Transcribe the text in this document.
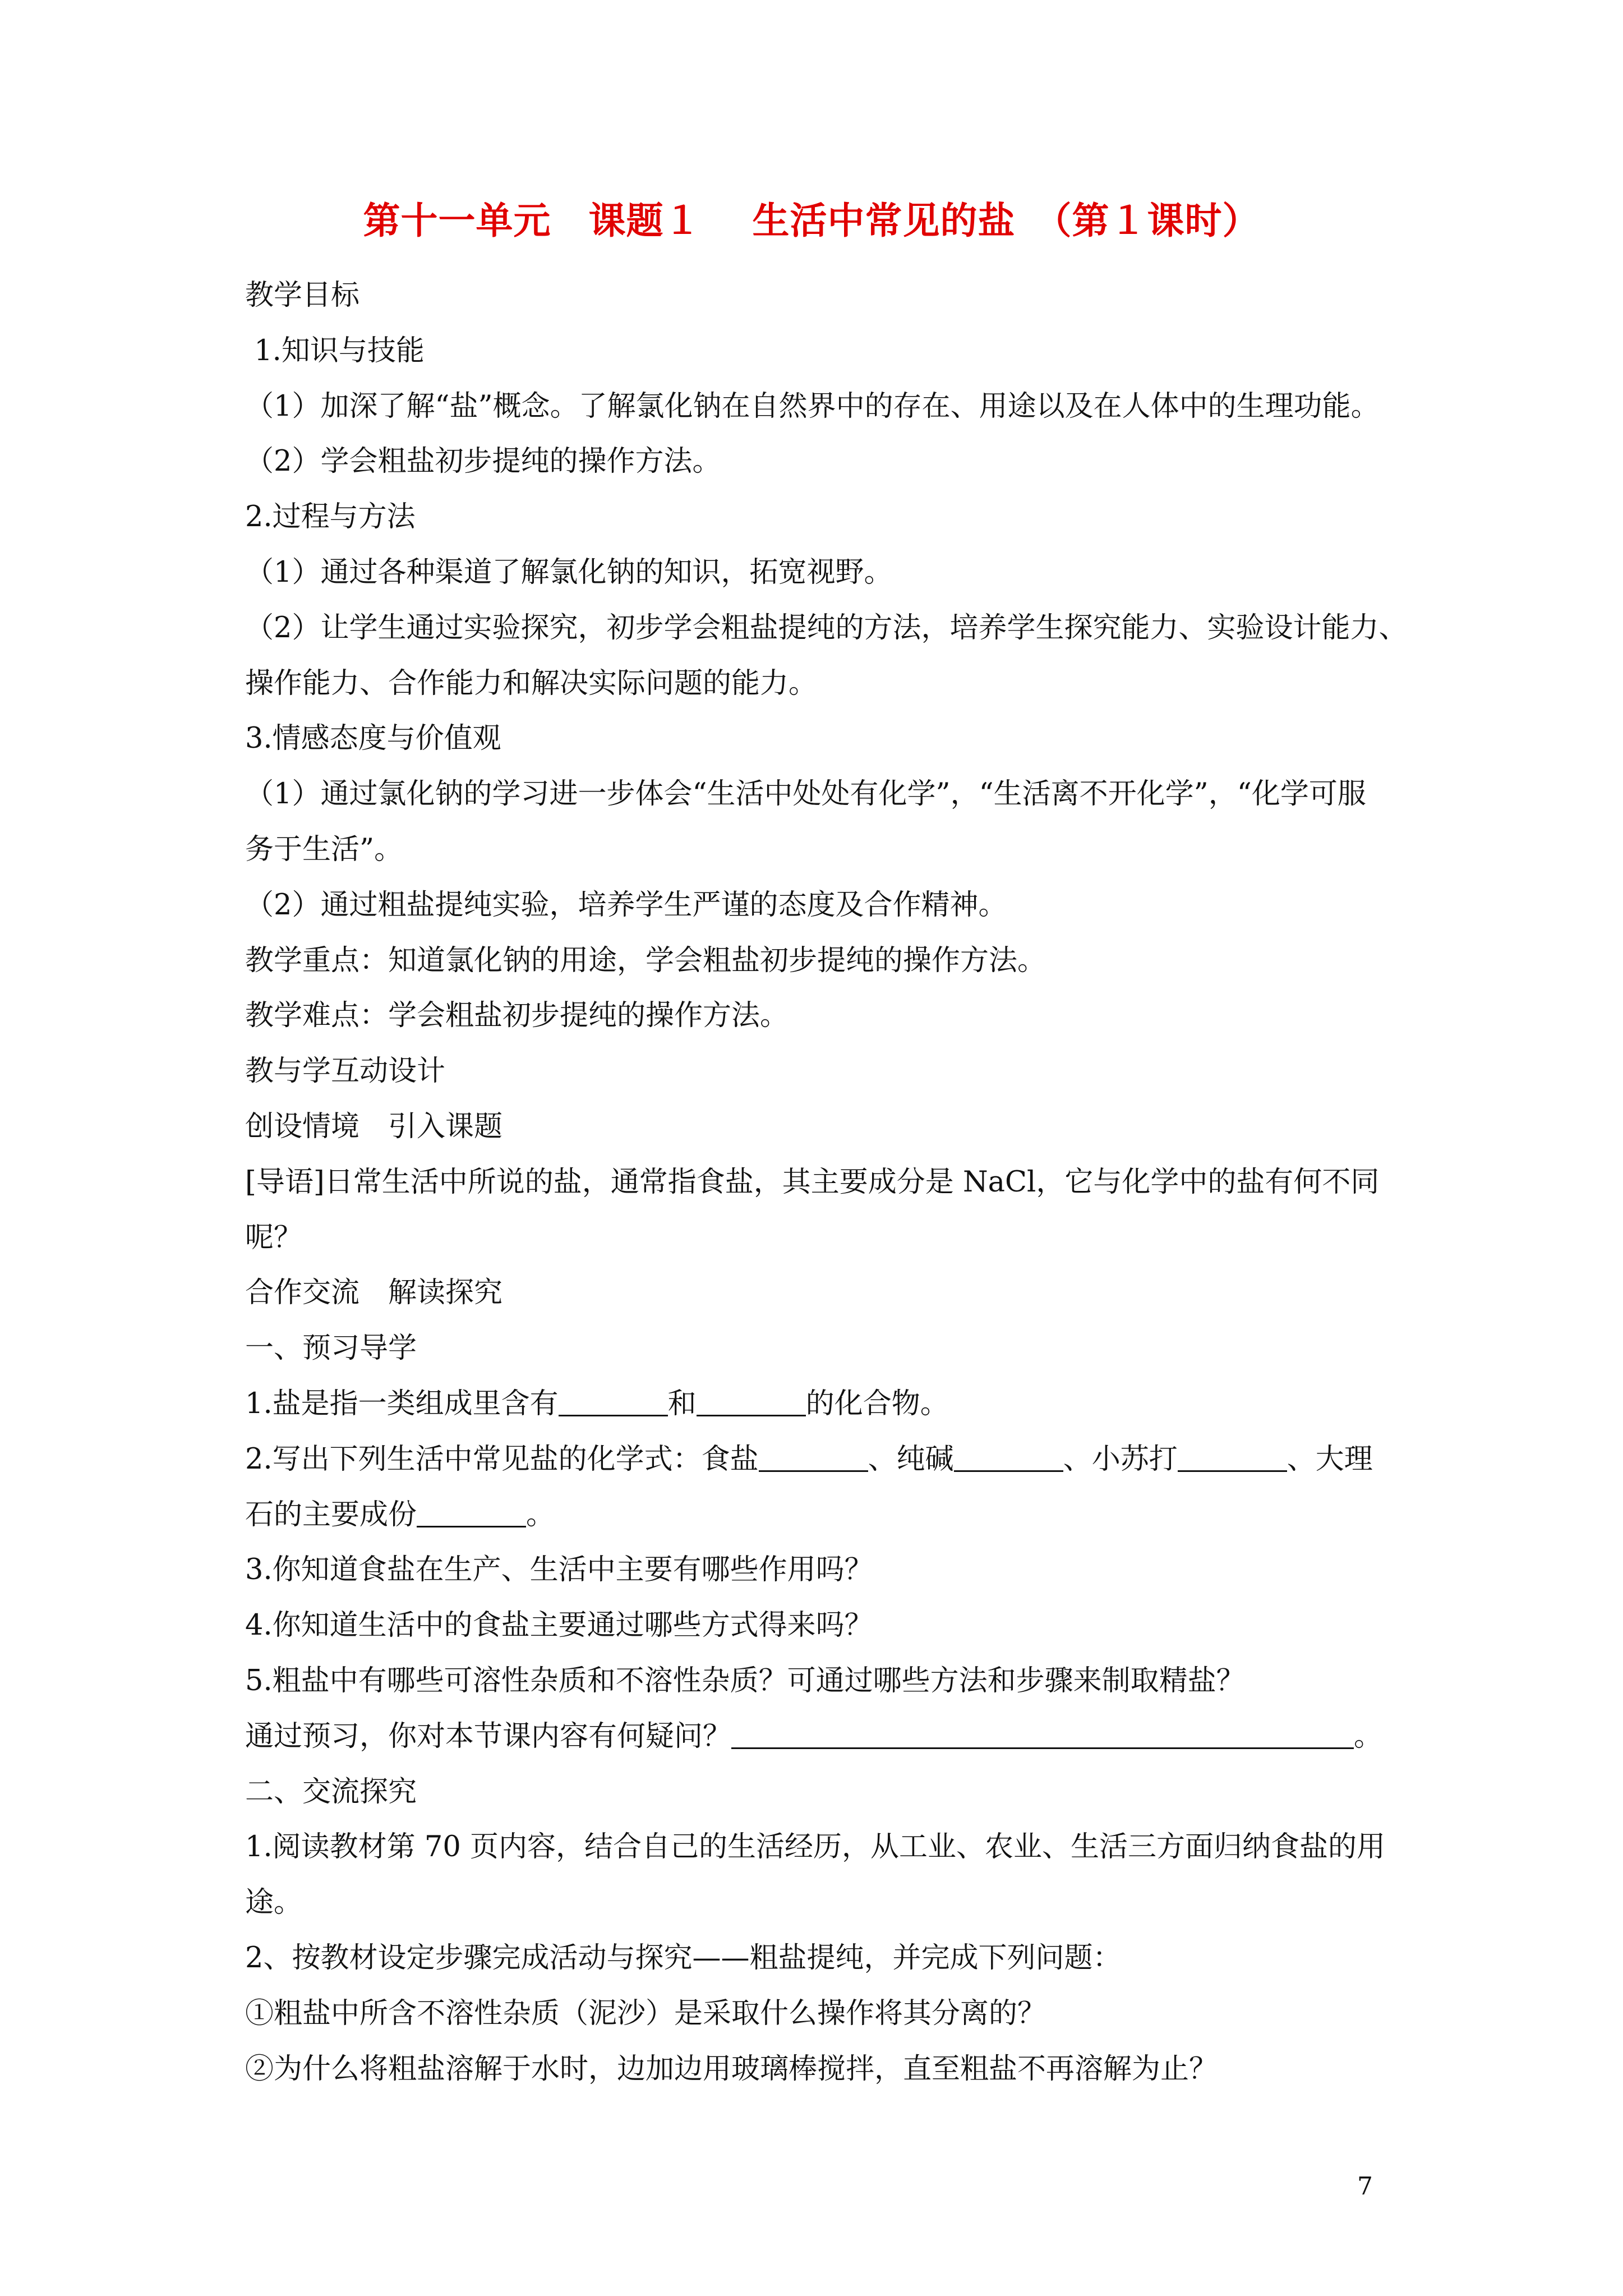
第十一单元　课题１　 生活中常见的盐　（第１课时）
教学目标
1.知识与技能
（1）加深了解“盐”概念。了解氯化钠在自然界中的存在、用途以及在人体中的生理功能。
（2）学会粗盐初步提纯的操作方法。
2.过程与方法
（1）通过各种渠道了解氯化钠的知识，拓宽视野。
（2）让学生通过实验探究，初步学会粗盐提纯的方法，培养学生探究能力、实验设计能力、
操作能力、合作能力和解决实际问题的能力。
3.情感态度与价值观
（1）通过氯化钠的学习进一步体会“生活中处处有化学”，“生活离不开化学”，“化学可服
务于生活”。
（2）通过粗盐提纯实验，培养学生严谨的态度及合作精神。
教学重点：知道氯化钠的用途，学会粗盐初步提纯的操作方法。
教学难点：学会粗盐初步提纯的操作方法。
教与学互动设计
创设情境　引入课题
[导语]日常生活中所说的盐，通常指食盐，其主要成分是 NaCl，它与化学中的盐有何不同
呢？
合作交流　解读探究
一、预习导学
1.盐是指一类组成里含有	和	的化合物。
2.写出下列生活中常见盐的化学式：食盐	、纯碱	、小苏打	、大理
石的主要成份	。
3.你知道食盐在生产、生活中主要有哪些作用吗？
4.你知道生活中的食盐主要通过哪些方式得来吗？
5.粗盐中有哪些可溶性杂质和不溶性杂质？可通过哪些方法和步骤来制取精盐？
通过预习，你对本节课内容有何疑问？	。
二、交流探究
1.阅读教材第 70 页内容，结合自己的生活经历，从工业、农业、生活三方面归纳食盐的用
途。
2、按教材设定步骤完成活动与探究——粗盐提纯，并完成下列问题：
①粗盐中所含不溶性杂质（泥沙）是采取什么操作将其分离的？
②为什么将粗盐溶解于水时，边加边用玻璃棒搅拌，直至粗盐不再溶解为止？
7
